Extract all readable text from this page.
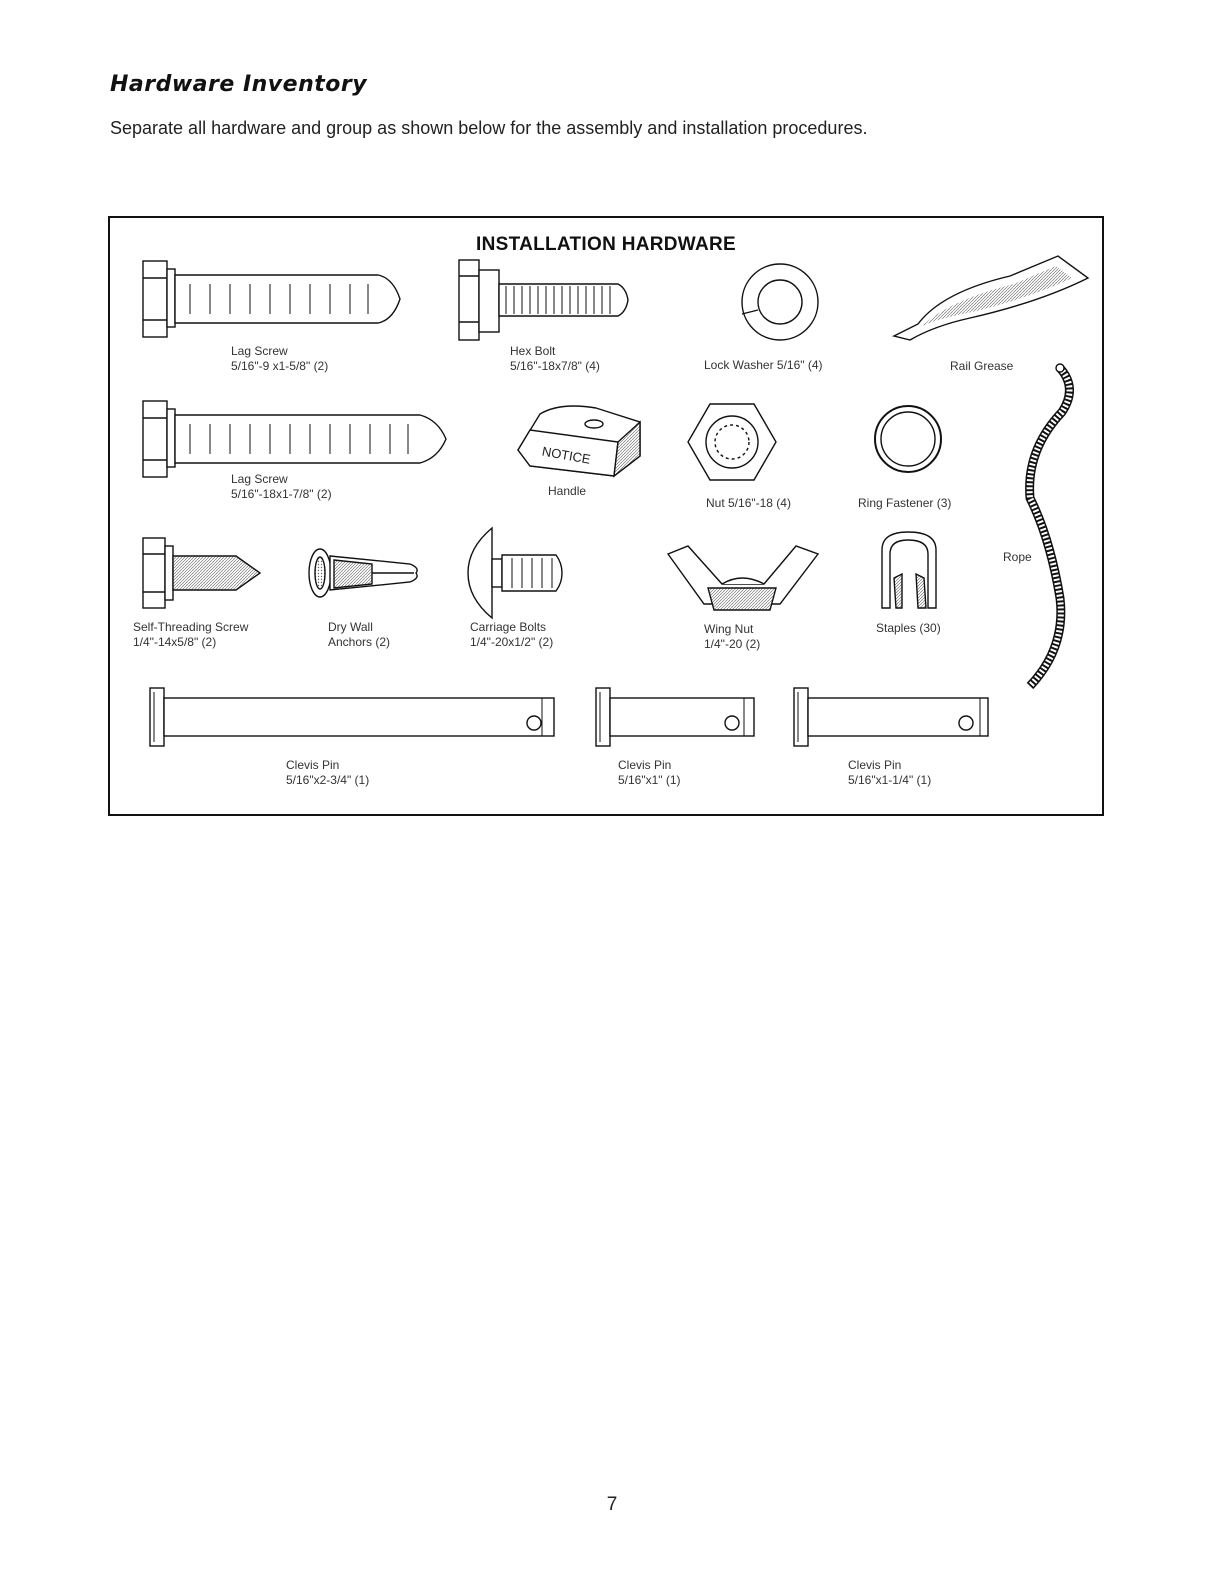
Hardware Inventory

Separate all hardware and group as shown below for the assembly and installation procedures.

NOTICE
INSTALLATION HARDWARE
Lag Screw
5/16"-9 x1-5/8" (2)
Hex Bolt
5/16"-18x7/8" (4)	Lock Washer 5/16" (4)	Rail Grease
Lag Screw
5/16"-18x1-7/8" (2)	Handle
Nut 5/16"-18 (4)	Ring Fastener (3)
Rope
Self-Threading Screw
1/4"-14x5/8" (2)
Dry Wall
Anchors (2)
Carriage Bolts
1/4"-20x1/2" (2)
Wing Nut
1/4"-20 (2)
Staples (30)
Clevis Pin
5/16"x2-3/4" (1)
Clevis Pin
5/16"x1" (1)
Clevis Pin
5/16"x1-1/4" (1)
7
